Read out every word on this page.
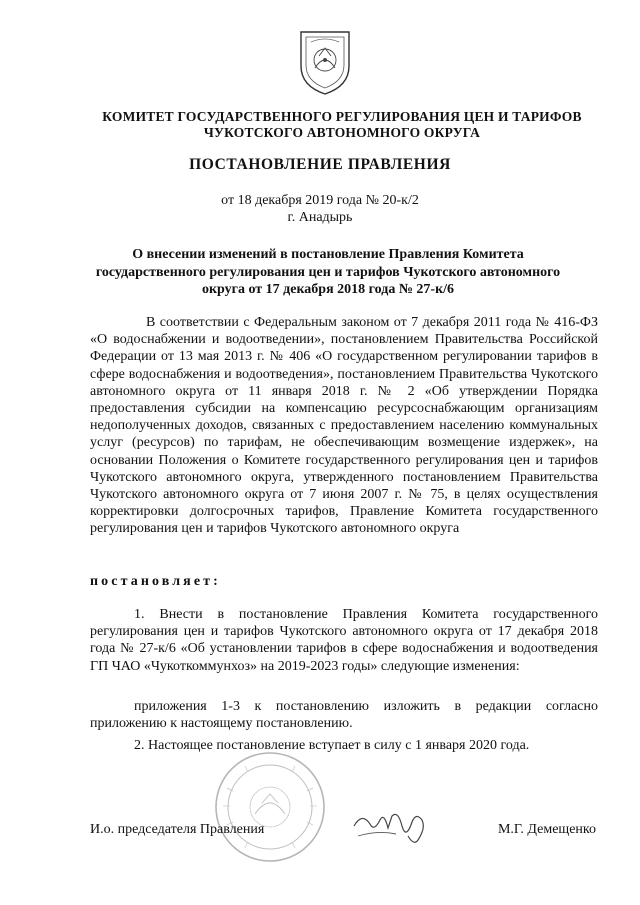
КОМИТЕТ ГОСУДАРСТВЕННОГО РЕГУЛИРОВАНИЯ ЦЕН И ТАРИФОВ
ЧУКОТСКОГО АВТОНОМНОГО ОКРУГА
ПОСТАНОВЛЕНИЕ ПРАВЛЕНИЯ
от 18 декабря 2019 года № 20-к/2
г. Анадырь
О внесении изменений в постановление Правления Комитета государственного регулирования цен и тарифов Чукотского автономного округа от 17 декабря 2018 года № 27-к/6
В соответствии с Федеральным законом от 7 декабря 2011 года № 416-ФЗ «О водоснабжении и водоотведении», постановлением Правительства Российской Федерации от 13 мая 2013 г. № 406 «О государственном регулировании тарифов в сфере водоснабжения и водоотведения», постановлением Правительства Чукотского автономного округа от 11 января 2018 г. № 2 «Об утверждении Порядка предоставления субсидии на компенсацию ресурсоснабжающим организациям недополученных доходов, связанных с предоставлением населению коммунальных услуг (ресурсов) по тарифам, не обеспечивающим возмещение издержек», на основании Положения о Комитете государственного регулирования цен и тарифов Чукотского автономного округа, утвержденного постановлением Правительства Чукотского автономного округа от 7 июня 2007 г. № 75, в целях осуществления корректировки долгосрочных тарифов, Правление Комитета государственного регулирования цен и тарифов Чукотского автономного округа
постановляет:
1. Внести в постановление Правления Комитета государственного регулирования цен и тарифов Чукотского автономного округа от 17 декабря 2018 года № 27-к/6 «Об установлении тарифов в сфере водоснабжения и водоотведения ГП ЧАО «Чукоткоммунхоз» на 2019-2023 годы» следующие изменения:
приложения 1-3 к постановлению изложить в редакции согласно приложению к настоящему постановлению.
2. Настоящее постановление вступает в силу с 1 января 2020 года.
И.о. председателя Правления	М.Г. Демещенко
